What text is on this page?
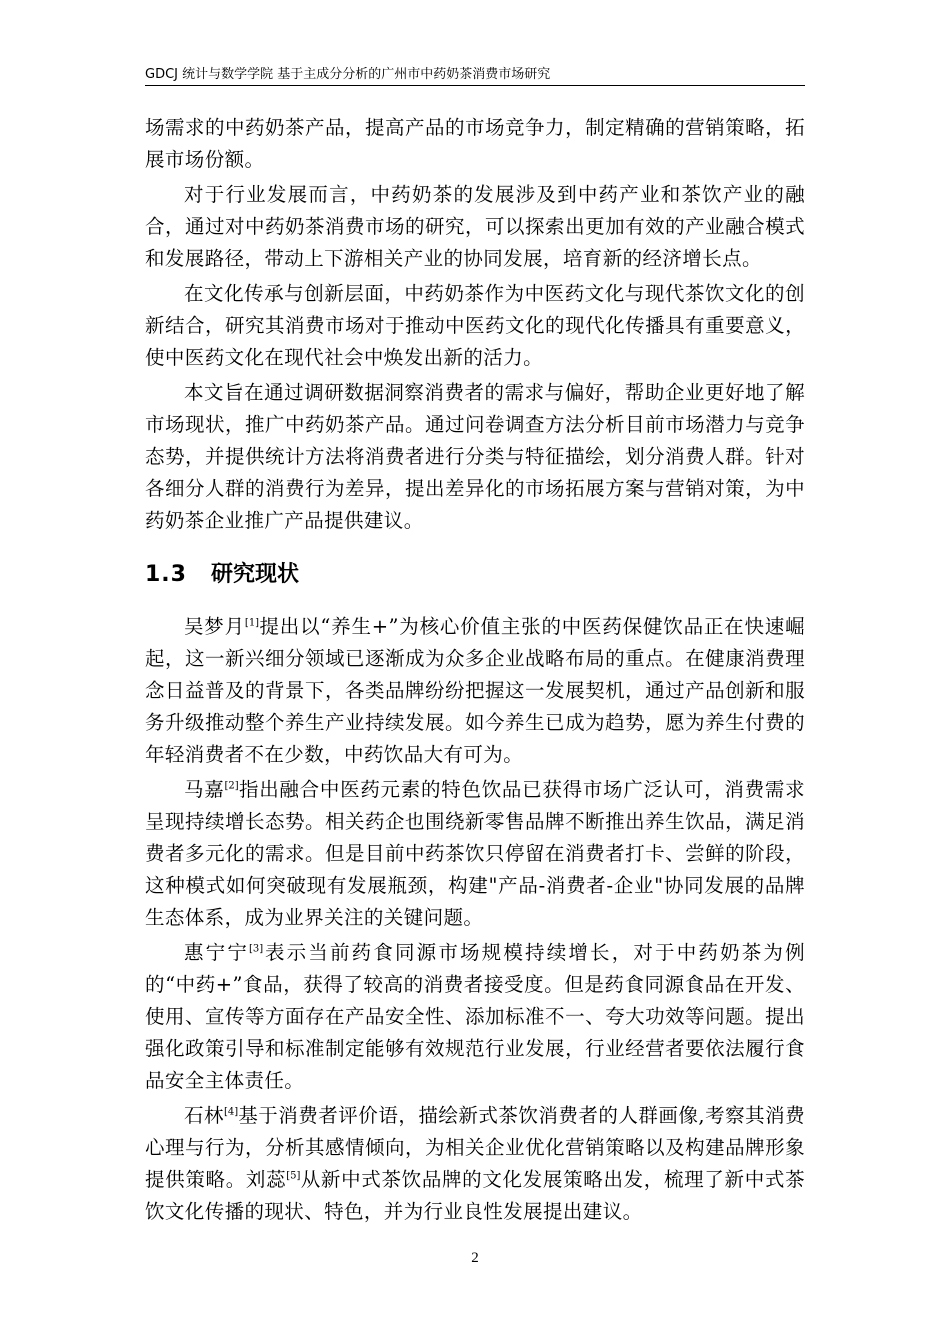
GDCJ 统计与数学学院 基于主成分分析的广州市中药奶茶消费市场研究

场需求的中药奶茶产品，提高产品的市场竞争力，制定精确的营销策略，拓展市场份额。

对于行业发展而言，中药奶茶的发展涉及到中药产业和茶饮产业的融合，通过对中药奶茶消费市场的研究，可以探索出更加有效的产业融合模式和发展路径，带动上下游相关产业的协同发展，培育新的经济增长点。

在文化传承与创新层面，中药奶茶作为中医药文化与现代茶饮文化的创新结合，研究其消费市场对于推动中医药文化的现代化传播具有重要意义，使中医药文化在现代社会中焕发出新的活力。

本文旨在通过调研数据洞察消费者的需求与偏好，帮助企业更好地了解市场现状，推广中药奶茶产品。通过问卷调查方法分析目前市场潜力与竞争态势，并提供统计方法将消费者进行分类与特征描绘，划分消费人群。针对各细分人群的消费行为差异，提出差异化的市场拓展方案与营销对策，为中药奶茶企业推广产品提供建议。

1.3	研究现状

吴梦月[1]提出以“养生+”为核心价值主张的中医药保健饮品正在快速崛起，这一新兴细分领域已逐渐成为众多企业战略布局的重点。在健康消费理念日益普及的背景下，各类品牌纷纷把握这一发展契机，通过产品创新和服务升级推动整个养生产业持续发展。如今养生已成为趋势，愿为养生付费的年轻消费者不在少数，中药饮品大有可为。

马嘉[2]指出融合中医药元素的特色饮品已获得市场广泛认可，消费需求呈现持续增长态势。相关药企也围绕新零售品牌不断推出养生饮品，满足消费者多元化的需求。但是目前中药茶饮只停留在消费者打卡、尝鲜的阶段，这种模式如何突破现有发展瓶颈，构建"产品-消费者-企业"协同发展的品牌生态体系，成为业界关注的关键问题。

惠宁宁[3]表示当前药食同源市场规模持续增长，对于中药奶茶为例的“中药+”食品，获得了较高的消费者接受度。但是药食同源食品在开发、使用、宣传等方面存在产品安全性、添加标准不一、夸大功效等问题。提出强化政策引导和标准制定能够有效规范行业发展，行业经营者要依法履行食品安全主体责任。

石林[4]基于消费者评价语，描绘新式茶饮消费者的人群画像,考察其消费心理与行为，分析其感情倾向，为相关企业优化营销策略以及构建品牌形象提供策略。刘蕊[5]从新中式茶饮品牌的文化发展策略出发，梳理了新中式茶饮文化传播的现状、特色，并为行业良性发展提出建议。

2
